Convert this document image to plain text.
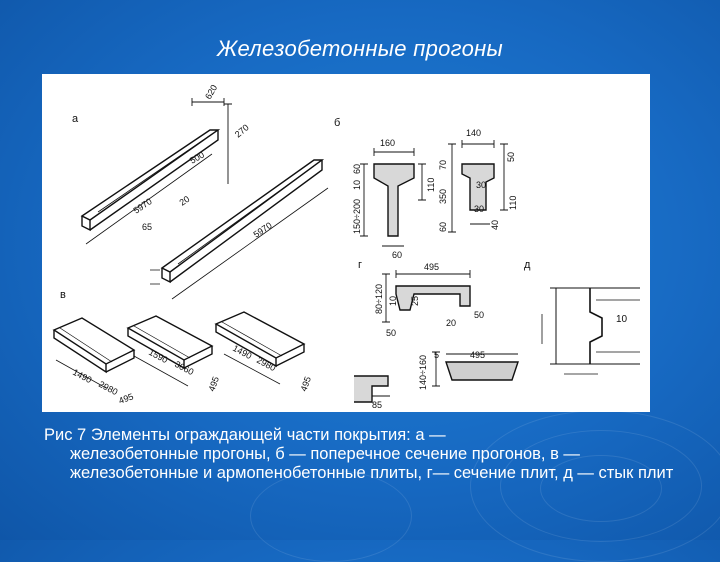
Железобетонные прогоны
а	б
в
г	д
620
270
500
5970	20
65	5970
160
60
10	110
150÷200
60
140
70
50
30
350
60	40
110
30
1490
2980
495
1590
3060
495
1490
2980
495
80÷120
495
10 25
50
20
50
140÷160
5	495
85
10
Рис 7 Элементы ограждающей части покрытия: а —
железобетонные прогоны, б — поперечное сечение прогонов, в — железобетонные и армопенобетонные плиты, г— сечение плит, д — стык плит
